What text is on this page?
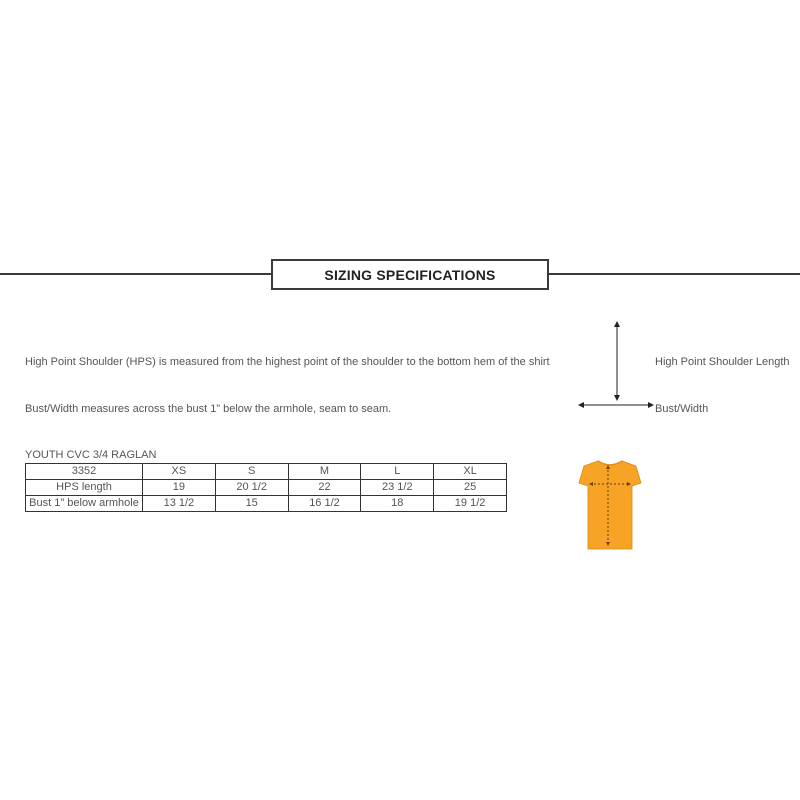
SIZING SPECIFICATIONS
High Point Shoulder (HPS) is measured from the highest point of the shoulder to the bottom hem of the shirt
Bust/Width measures across the bust 1” below the armhole, seam to seam.
High Point Shoulder Length
Bust/Width
YOUTH CVC 3/4 RAGLAN
3352	XS	S	M	L	XL
HPS length	19	20 1/2	22	23 1/2	25
Bust 1" below armhole	13 1/2	15	16 1/2	18	19 1/2
